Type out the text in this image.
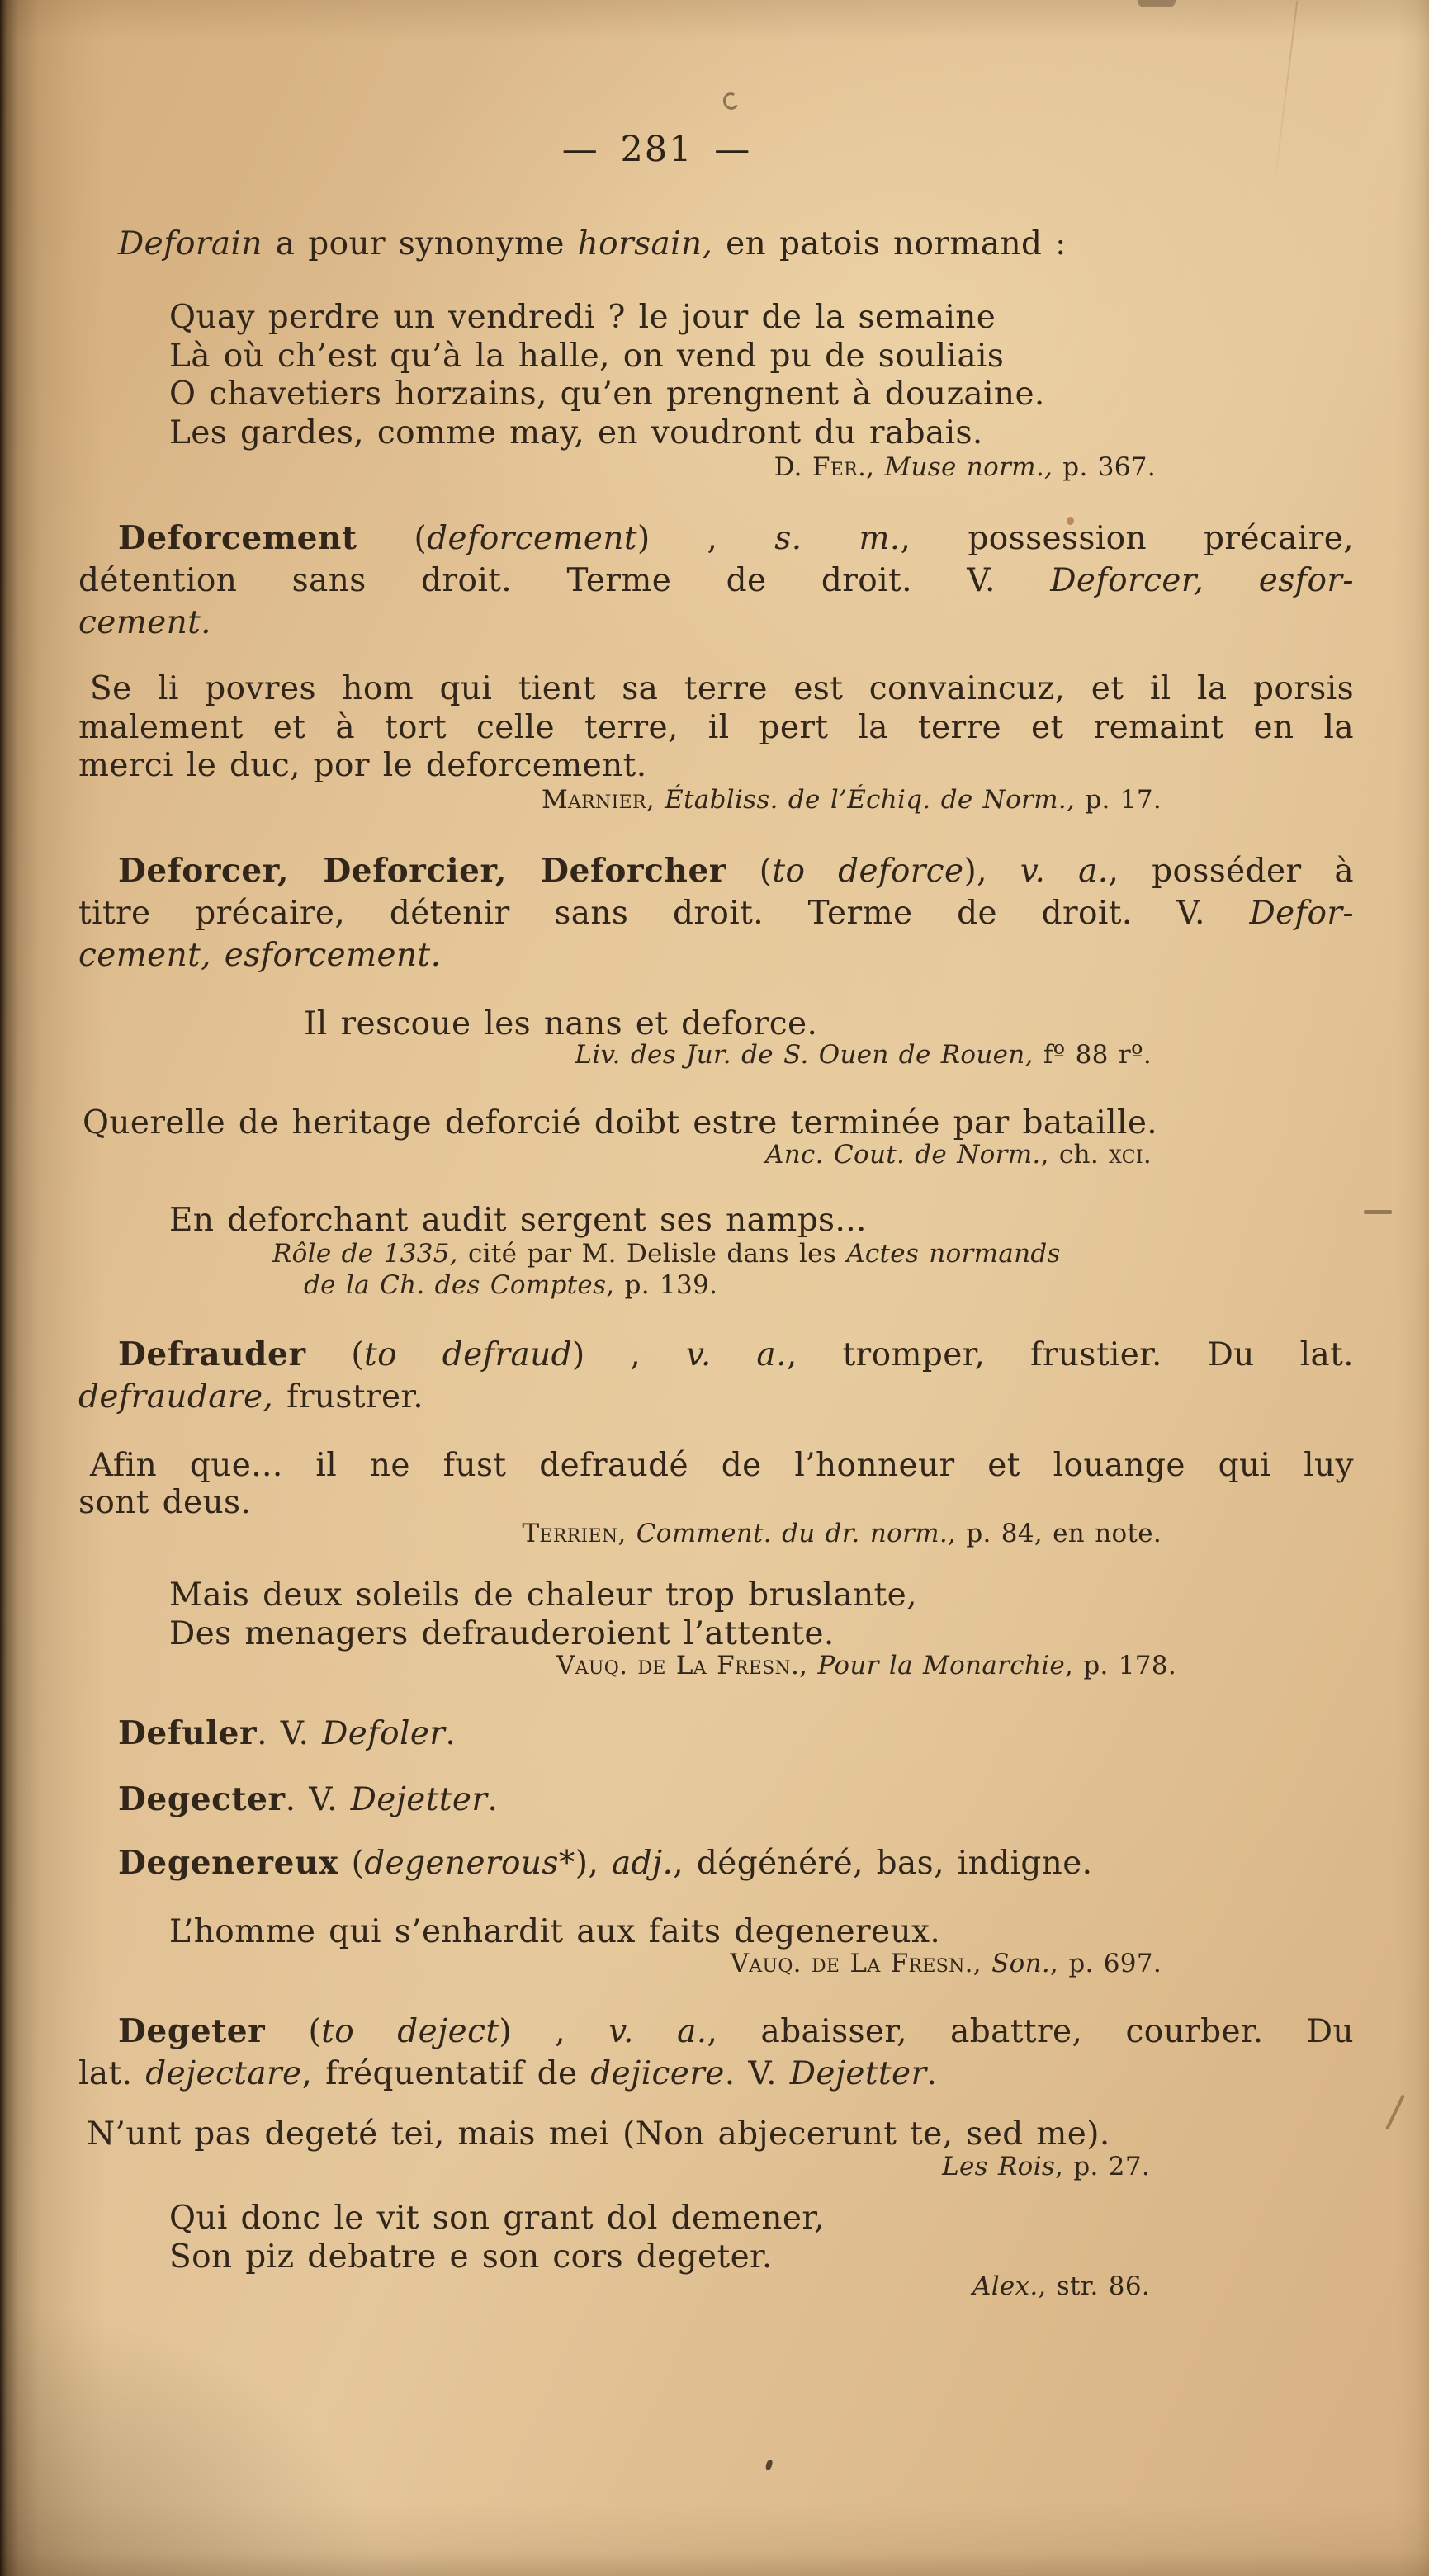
— 281 —
Deforain a pour synonyme horsain, en patois normand :
Quay perdre un vendredi ? le jour de la semaine
Là où ch’est qu’à la halle, on vend pu de souliais
O chavetiers horzains, qu’en prengnent à douzaine.
Les gardes, comme may, en voudront du rabais.
D. Fer., Muse norm., p. 367.
Deforcement (deforcement) , s. m., possession précaire,
détention sans droit. Terme de droit. V. Deforcer, esfor-
cement.
Se li povres hom qui tient sa terre est convaincuz, et il la porsis
malement et à tort celle terre, il pert la terre et remaint en la
merci le duc, por le deforcement.
Marnier, Établiss. de l’Échiq. de Norm., p. 17.
Deforcer, Deforcier, Deforcher (to deforce), v. a., posséder à
titre précaire, détenir sans droit. Terme de droit. V. Defor-
cement, esforcement.
Il rescoue les nans et deforce.
Liv. des Jur. de S. Ouen de Rouen, fº 88 rº.
Querelle de heritage deforcié doibt estre terminée par bataille.
Anc. Cout. de Norm., ch. xci.
En deforchant audit sergent ses namps...
Rôle de 1335, cité par M. Delisle dans les Actes normands
de la Ch. des Comptes, p. 139.
Defrauder (to defraud) , v. a., tromper, frustier. Du lat.
defraudare, frustrer.
Afin que... il ne fust defraudé de l’honneur et louange qui luy
sont deus.
Terrien, Comment. du dr. norm., p. 84, en note.
Mais deux soleils de chaleur trop bruslante,
Des menagers defrauderoient l’attente.
Vauq. de La Fresn., Pour la Monarchie, p. 178.
Defuler. V. Defoler.
Degecter. V. Dejetter.
Degenereux (degenerous*), adj., dégénéré, bas, indigne.
L’homme qui s’enhardit aux faits degenereux.
Vauq. de La Fresn., Son., p. 697.
Degeter (to deject) , v. a., abaisser, abattre, courber. Du
lat. dejectare, fréquentatif de dejicere. V. Dejetter.
N’unt pas degeté tei, mais mei (Non abjecerunt te, sed me).
Les Rois, p. 27.
Qui donc le vit son grant dol demener,
Son piz debatre e son cors degeter.
Alex., str. 86.
